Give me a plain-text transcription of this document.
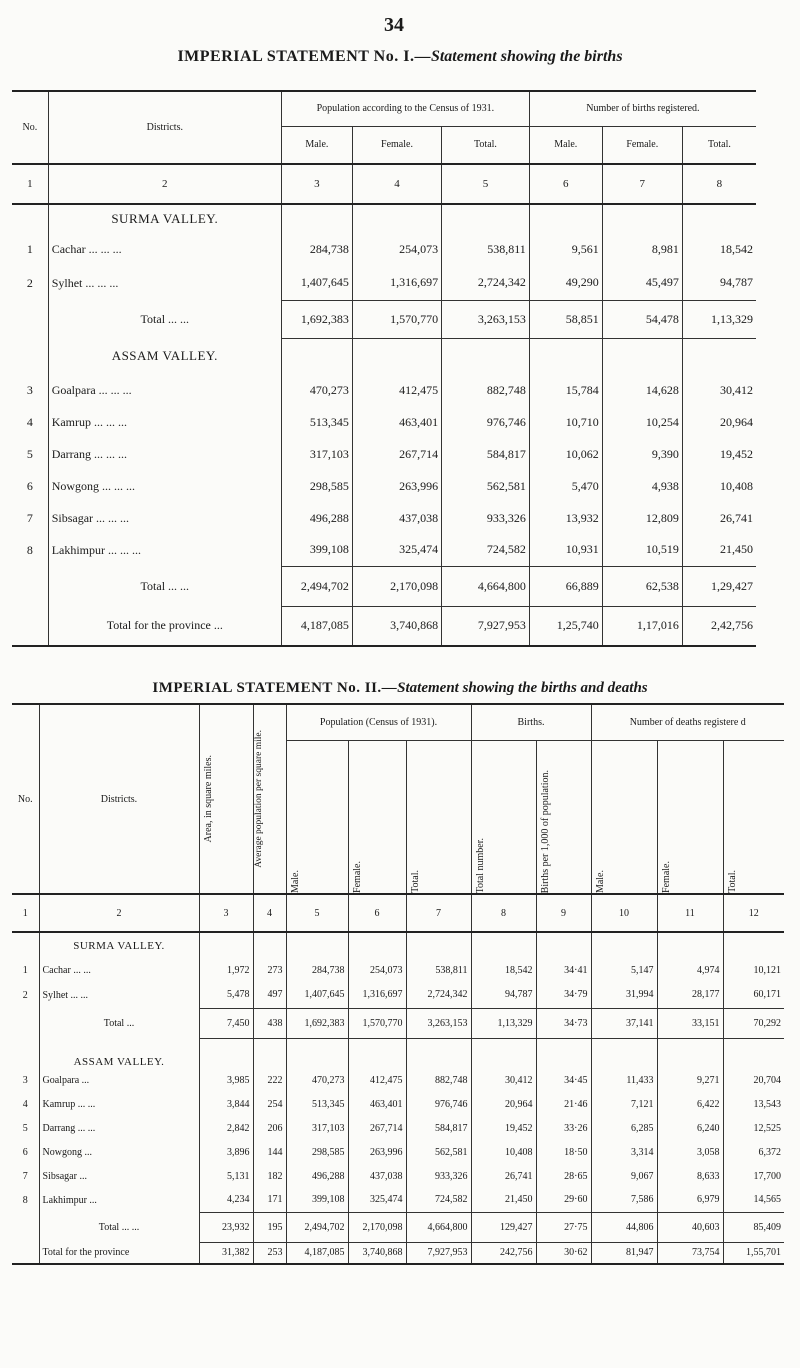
34
IMPERIAL STATEMENT No. I.—Statement showing the births
No.	Districts.	Population according to the Census of 1931.			Number of births registered.		
		Male.	Female.	Total.	Male.	Female.	Total.
1	2	3	4	5	6	7	8
	SURMA VALLEY.						
1	Cachar ... ... ...	284,738	254,073	538,811	9,561	8,981	18,542
2	Sylhet ... ... ...	1,407,645	1,316,697	2,724,342	49,290	45,497	94,787
	Total ... ...	1,692,383	1,570,770	3,263,153	58,851	54,478	1,13,329
	ASSAM VALLEY.						
3	Goalpara ... ... ...	470,273	412,475	882,748	15,784	14,628	30,412
4	Kamrup ... ... ...	513,345	463,401	976,746	10,710	10,254	20,964
5	Darrang ... ... ...	317,103	267,714	584,817	10,062	9,390	19,452
6	Nowgong ... ... ...	298,585	263,996	562,581	5,470	4,938	10,408
7	Sibsagar ... ... ...	496,288	437,038	933,326	13,932	12,809	26,741
8	Lakhimpur ... ... ...	399,108	325,474	724,582	10,931	10,519	21,450
	Total ... ...	2,494,702	2,170,098	4,664,800	66,889	62,538	1,29,427
	Total for the province ...	4,187,085	3,740,868	7,927,953	1,25,740	1,17,016	2,42,756
IMPERIAL STATEMENT No. II.—Statement showing the births and deaths
No.	Districts.	Area, in square miles.	Average population per square mile.	Population (Census of 1931).			Births.		Number of deaths registere d		

				Male.	Female.	Total.	Total number.	Births per 1,000 of population.	Male.	Female.	Total.

1	2	3	4	5	6	7	8	9	10	11	12
	SURMA VALLEY.										
1	Cachar ... ...	1,972	273	284,738	254,073	538,811	18,542	34·41	5,147	4,974	10,121
2	Sylhet ... ...	5,478	497	1,407,645	1,316,697	2,724,342	94,787	34·79	31,994	28,177	60,171
	Total ...	7,450	438	1,692,383	1,570,770	3,263,153	1,13,329	34·73	37,141	33,151	70,292
	ASSAM VALLEY.										
3	Goalpara ...	3,985	222	470,273	412,475	882,748	30,412	34·45	11,433	9,271	20,704
4	Kamrup ... ...	3,844	254	513,345	463,401	976,746	20,964	21·46	7,121	6,422	13,543
5	Darrang ... ...	2,842	206	317,103	267,714	584,817	19,452	33·26	6,285	6,240	12,525
6	Nowgong ...	3,896	144	298,585	263,996	562,581	10,408	18·50	3,314	3,058	6,372
7	Sibsagar ...	5,131	182	496,288	437,038	933,326	26,741	28·65	9,067	8,633	17,700
8	Lakhimpur ...	4,234	171	399,108	325,474	724,582	21,450	29·60	7,586	6,979	14,565
	Total ... ...	23,932	195	2,494,702	2,170,098	4,664,800	129,427	27·75	44,806	40,603	85,409
	Total for the province	31,382	253	4,187,085	3,740,868	7,927,953	242,756	30·62	81,947	73,754	1,55,701
